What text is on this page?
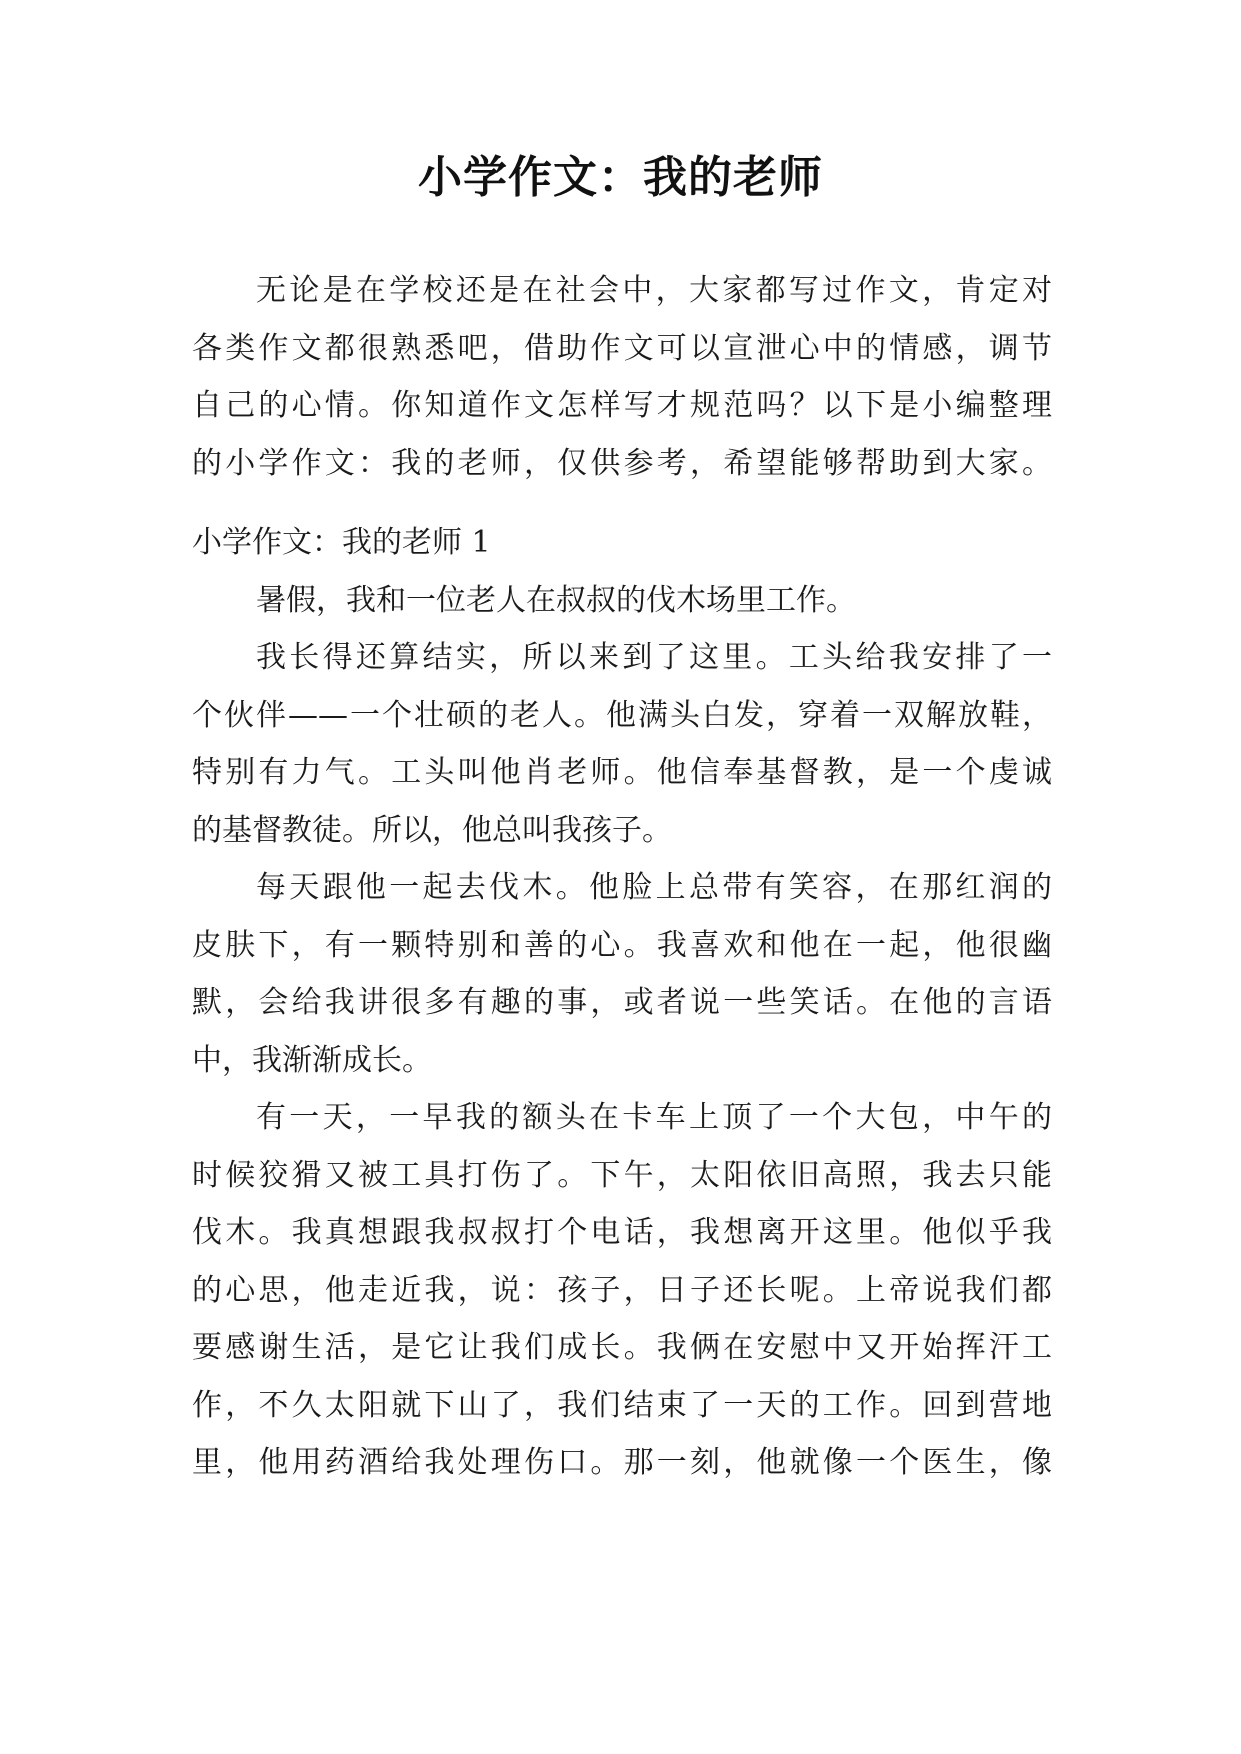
小学作文：我的老师
无论是在学校还是在社会中，大家都写过作文，肯定对
各类作文都很熟悉吧，借助作文可以宣泄心中的情感，调节
自己的心情。你知道作文怎样写才规范吗？以下是小编整理
的小学作文：我的老师，仅供参考，希望能够帮助到大家。
小学作文：我的老师 1
暑假，我和一位老人在叔叔的伐木场里工作。
我长得还算结实，所以来到了这里。工头给我安排了一
个伙伴——一个壮硕的老人。他满头白发，穿着一双解放鞋，
特别有力气。工头叫他肖老师。他信奉基督教，是一个虔诚
的基督教徒。所以，他总叫我孩子。
每天跟他一起去伐木。他脸上总带有笑容，在那红润的
皮肤下，有一颗特别和善的心。我喜欢和他在一起，他很幽
默，会给我讲很多有趣的事，或者说一些笑话。在他的言语
中，我渐渐成长。
有一天，一早我的额头在卡车上顶了一个大包，中午的
时候狡猾又被工具打伤了。下午，太阳依旧高照，我去只能
伐木。我真想跟我叔叔打个电话，我想离开这里。他似乎我
的心思，他走近我，说：孩子，日子还长呢。上帝说我们都
要感谢生活，是它让我们成长。我俩在安慰中又开始挥汗工
作，不久太阳就下山了，我们结束了一天的工作。回到营地
里，他用药酒给我处理伤口。那一刻，他就像一个医生，像
